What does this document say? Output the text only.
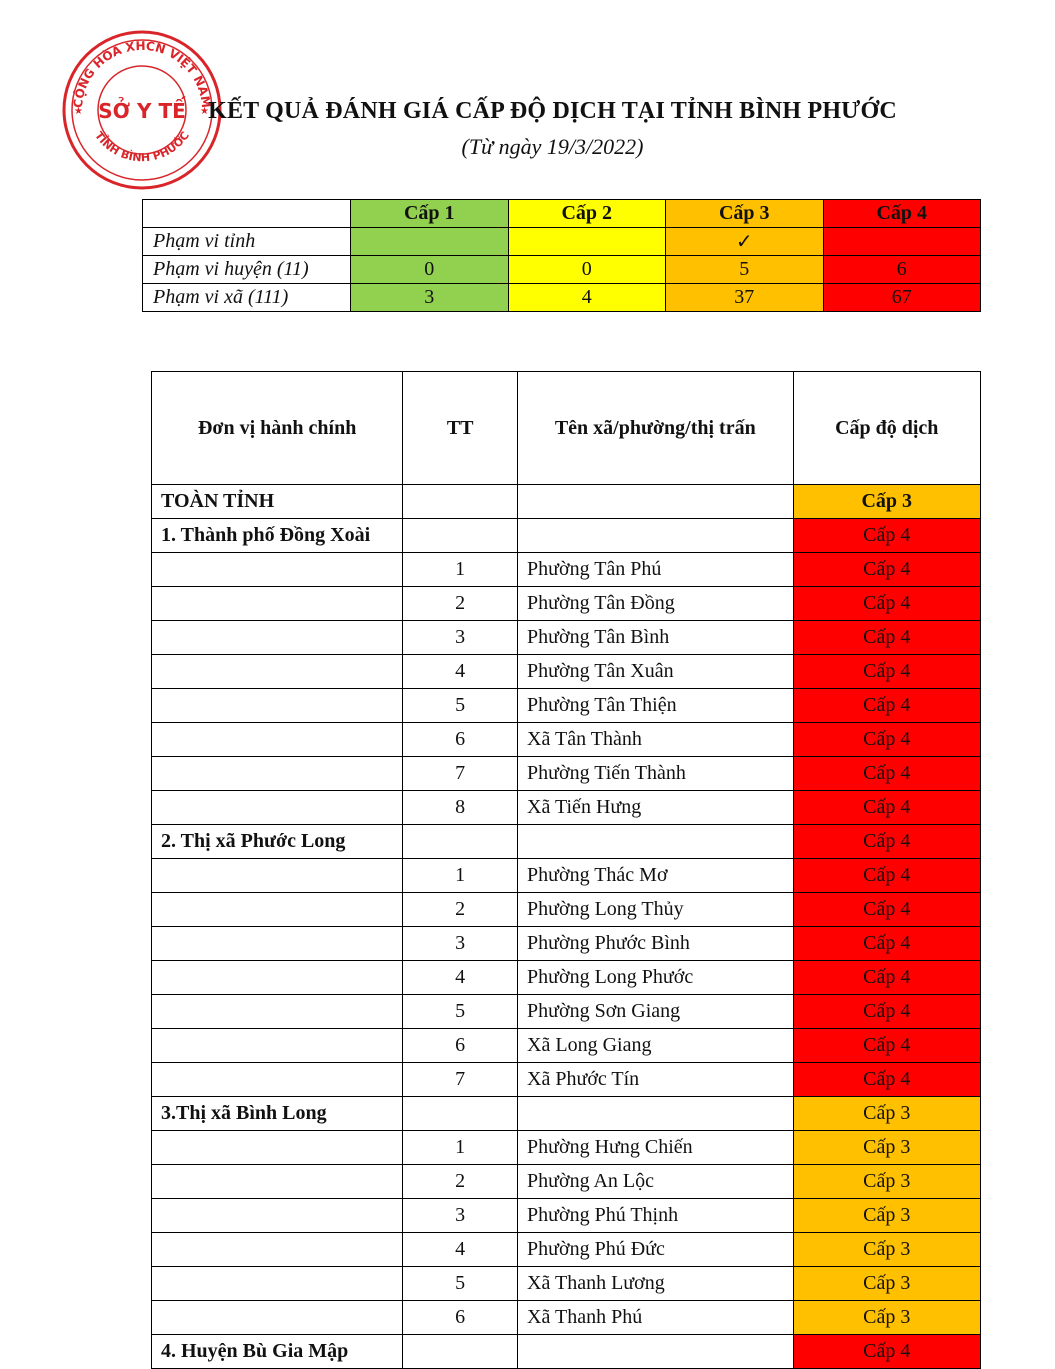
CỘNG HÒA XHCN VIỆT NAM
TỈNH BÌNH PHƯỚC
SỞ Y TẾ
★	★ KẾT QUẢ ĐÁNH GIÁ CẤP ĐỘ DỊCH TẠI TỈNH BÌNH PHƯỚC
(Từ ngày 19/3/2022)
	Cấp 1	Cấp 2	Cấp 3	Cấp 4
Phạm vi tỉnh			✓	
Phạm vi huyện (11)	0	0	5	6
Phạm vi xã (111)	3	4	37	67
Đơn vị hành chính	TT	Tên xã/phường/thị trấn	Cấp độ dịch
TOÀN TỈNH			Cấp 3
1. Thành phố Đồng Xoài			Cấp 4
	1	Phường Tân Phú	Cấp 4
	2	Phường Tân Đồng	Cấp 4
	3	Phường Tân Bình	Cấp 4
	4	Phường Tân Xuân	Cấp 4
	5	Phường Tân Thiện	Cấp 4
	6	Xã Tân Thành	Cấp 4
	7	Phường Tiến Thành	Cấp 4
	8	Xã Tiến Hưng	Cấp 4
2. Thị xã Phước Long			Cấp 4
	1	Phường Thác Mơ	Cấp 4
	2	Phường Long Thủy	Cấp 4
	3	Phường Phước Bình	Cấp 4
	4	Phường Long Phước	Cấp 4
	5	Phường Sơn Giang	Cấp 4
	6	Xã Long Giang	Cấp 4
	7	Xã Phước Tín	Cấp 4
3.Thị xã Bình Long			Cấp 3
	1	Phường Hưng Chiến	Cấp 3
	2	Phường An Lộc	Cấp 3
	3	Phường Phú Thịnh	Cấp 3
	4	Phường Phú Đức	Cấp 3
	5	Xã Thanh Lương	Cấp 3
	6	Xã Thanh Phú	Cấp 3
4. Huyện Bù Gia Mập			Cấp 4
